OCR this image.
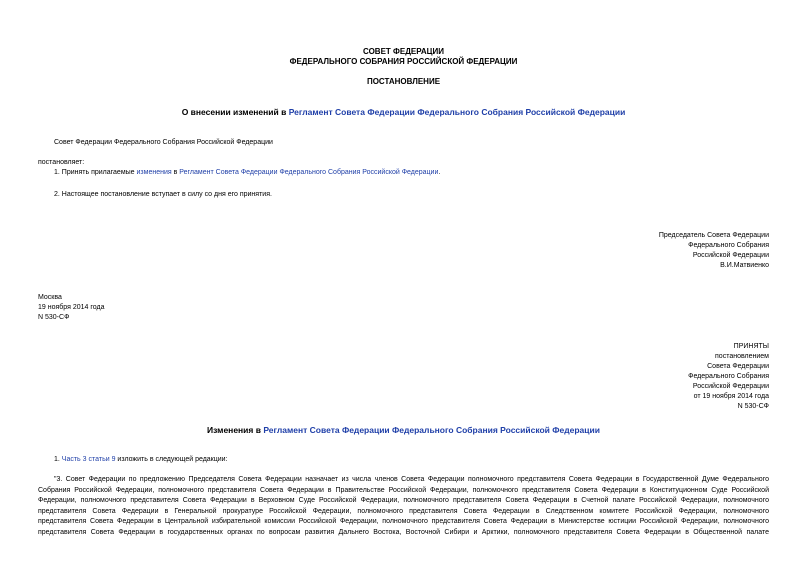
СОВЕТ ФЕДЕРАЦИИ
ФЕДЕРАЛЬНОГО СОБРАНИЯ РОССИЙСКОЙ ФЕДЕРАЦИИ
ПОСТАНОВЛЕНИЕ
О внесении изменений в Регламент Совета Федерации Федерального Собрания Российской Федерации
Совет Федерации Федерального Собрания Российской Федерации
постановляет:
1. Принять прилагаемые изменения в Регламент Совета Федерации Федерального Собрания Российской Федерации.
2. Настоящее постановление вступает в силу со дня его принятия.
Председатель Совета Федерации
Федерального Собрания
Российской Федерации
В.И.Матвиенко
Москва
19 ноября 2014 года
N 530-СФ
ПРИНЯТЫ
постановлением
Совета Федерации
Федерального Собрания
Российской Федерации
от 19 ноября 2014 года
N 530-СФ
Изменения в Регламент Совета Федерации Федерального Собрания Российской Федерации
1. Часть 3 статьи 9 изложить в следующей редакции:
"3. Совет Федерации по предложению Председателя Совета Федерации назначает из числа членов Совета Федерации полномочного представителя Совета Федерации в Государственной Думе Федерального
Собрания Российской Федерации, полномочного представителя Совета Федерации в Правительстве Российской Федерации, полномочного представителя Совета Федерации в Конституционном Суде Российской
Федерации, полномочного представителя Совета Федерации в Верховном Суде Российской Федерации, полномочного представителя Совета Федерации в Счетной палате Российской Федерации, полномочного
представителя Совета Федерации в Генеральной прокуратуре Российской Федерации, полномочного представителя Совета Федерации в Следственном комитете Российской Федерации, полномочного
представителя Совета Федерации в Центральной избирательной комиссии Российской Федерации, полномочного представителя Совета Федерации в Министерстве юстиции Российской Федерации, полномочного
представителя Совета Федерации в государственных органах по вопросам развития Дальнего Востока, Восточной Сибири и Арктики, полномочного представителя Совета Федерации в Общественной палате
